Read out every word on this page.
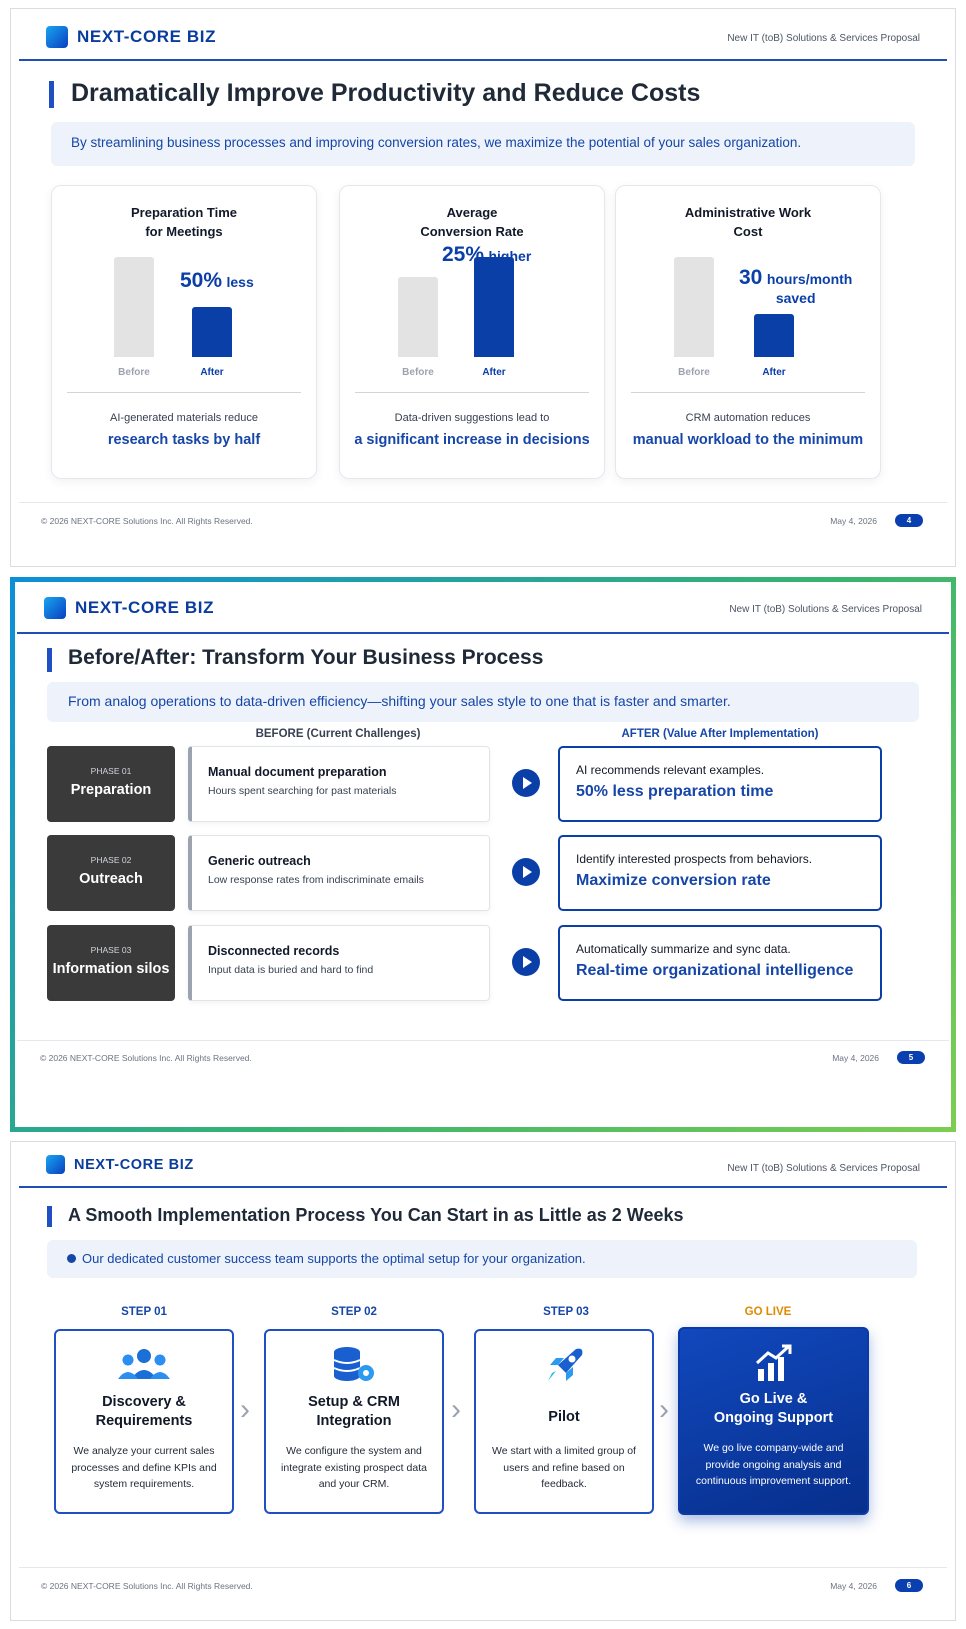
NEXT-CORE BIZ	New IT (toB) Solutions & Services Proposal
Dramatically Improve Productivity and Reduce Costs
By streamlining business processes and improving conversion rates, we maximize the potential of your sales organization.
Preparation Time
for Meetings
AI-generated materials reduce
research tasks by half
Before	After
50% less
Average
Conversion Rate
Data-driven suggestions lead to
a significant increase in decisions
Before	After
25% higher
Administrative Work
Cost
CRM automation reduces
manual workload to the minimum
Before	After
30 hours/month
saved
© 2026 NEXT-CORE Solutions Inc. All Rights Reserved.	May 4, 2026	4
NEXT-CORE BIZ	New IT (toB) Solutions & Services Proposal
Before/After: Transform Your Business Process
From analog operations to data-driven efficiency—shifting your sales style to one that is faster and smarter.
BEFORE (Current Challenges)	AFTER (Value After Implementation)
PHASE 01
Preparation
Manual document preparation
Hours spent searching for past materials
AI recommends relevant examples.
50% less preparation time
PHASE 02
Outreach
Generic outreach
Low response rates from indiscriminate emails
Identify interested prospects from behaviors.
Maximize conversion rate
PHASE 03
Information silos
Disconnected records
Input data is buried and hard to find
Automatically summarize and sync data.
Real-time organizational intelligence
© 2026 NEXT-CORE Solutions Inc. All Rights Reserved.	May 4, 2026	5
NEXT-CORE BIZ	New IT (toB) Solutions & Services Proposal
A Smooth Implementation Process You Can Start in as Little as 2 Weeks
Our dedicated customer success team supports the optimal setup for your organization.
STEP 01	STEP 02	STEP 03	GO LIVE
Discovery &
Requirements
We analyze your current sales processes and define KPIs and system requirements.
›	Setup & CRM
Integration
We configure the system and integrate existing prospect data and your CRM.
›	Pilot
We start with a limited group of users and refine based on feedback.
›	Go Live &
Ongoing Support
We go live company-wide and provide ongoing analysis and continuous improvement support.
© 2026 NEXT-CORE Solutions Inc. All Rights Reserved.	May 4, 2026	6
